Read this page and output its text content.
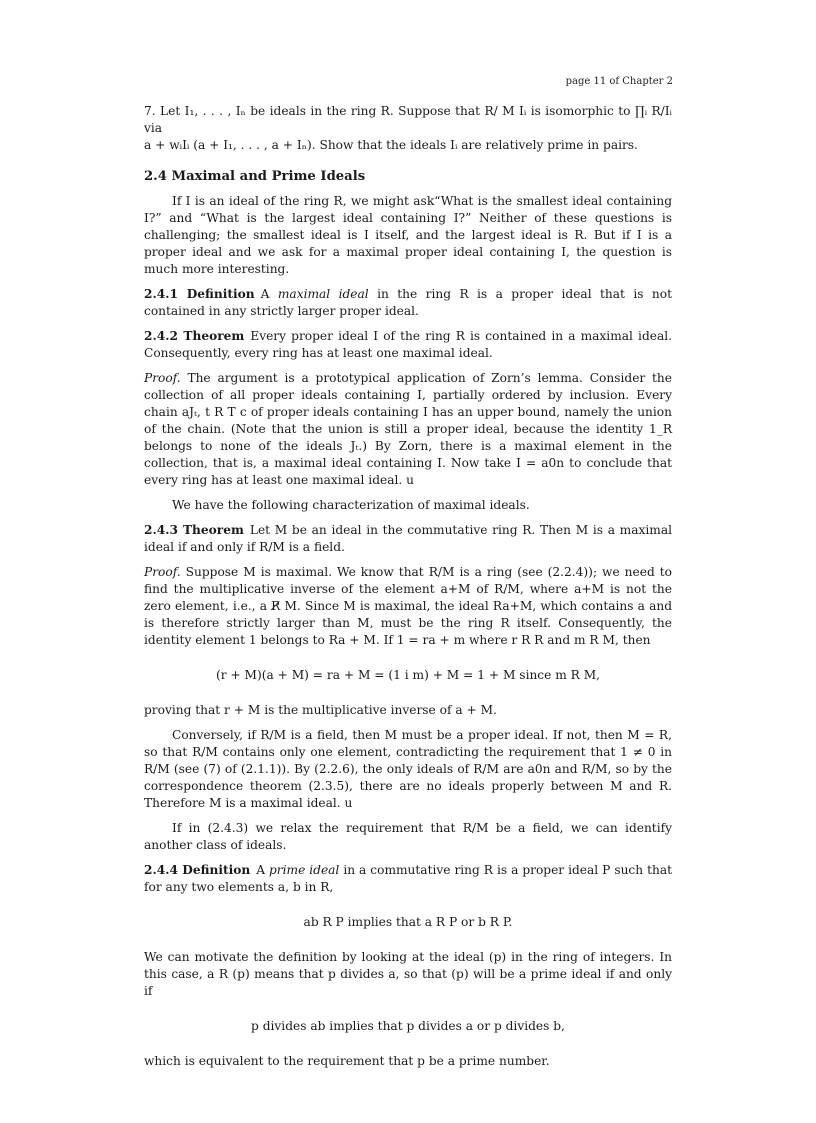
page 11 of Chapter 2

7. Let I₁, . . . , Iₙ be ideals in the ring R. Suppose that R/ M Iᵢ is isomorphic to ∏ᵢ R/Iᵢ via

a + wᵢIᵢ (a + I₁, . . . , a + Iₙ). Show that the ideals Iᵢ are relatively prime in pairs.

2.4 Maximal and Prime Ideals

If I is an ideal of the ring R, we might ask“What is the smallest ideal containing I?” and “What is the largest ideal containing I?” Neither of these questions is challenging; the smallest ideal is I itself, and the largest ideal is R. But if I is a proper ideal and we ask for a maximal proper ideal containing I, the question is much more interesting.

2.4.1 Definition A maximal ideal in the ring R is a proper ideal that is not contained in any strictly larger proper ideal.

2.4.2 Theorem Every proper ideal I of the ring R is contained in a maximal ideal. Consequently, every ring has at least one maximal ideal.

Proof. The argument is a prototypical application of Zorn’s lemma. Consider the collection of all proper ideals containing I, partially ordered by inclusion. Every chain aJₜ, t R T c of proper ideals containing I has an upper bound, namely the union of the chain. (Note that the union is still a proper ideal, because the identity 1_R belongs to none of the ideals Jₜ.) By Zorn, there is a maximal element in the collection, that is, a maximal ideal containing I. Now take I = a0n to conclude that every ring has at least one maximal ideal. u

We have the following characterization of maximal ideals.

2.4.3 Theorem Let M be an ideal in the commutative ring R. Then M is a maximal ideal if and only if R/M is a field.

Proof. Suppose M is maximal. We know that R/M is a ring (see (2.2.4)); we need to find the multiplicative inverse of the element a+M of R/M, where a+M is not the zero element, i.e., a R̸ M. Since M is maximal, the ideal Ra+M, which contains a and is therefore strictly larger than M, must be the ring R itself. Consequently, the identity element 1 belongs to Ra + M. If 1 = ra + m where r R R and m R M, then

(r + M)(a + M) = ra + M = (1 i m) + M = 1 + M since m R M,

proving that r + M is the multiplicative inverse of a + M.

Conversely, if R/M is a field, then M must be a proper ideal. If not, then M = R, so that R/M contains only one element, contradicting the requirement that 1 ≠ 0 in R/M (see (7) of (2.1.1)). By (2.2.6), the only ideals of R/M are a0n and R/M, so by the correspondence theorem (2.3.5), there are no ideals properly between M and R. Therefore M is a maximal ideal. u

If in (2.4.3) we relax the requirement that R/M be a field, we can identify another class of ideals.

2.4.4 Definition A prime ideal in a commutative ring R is a proper ideal P such that for any two elements a, b in R,

ab R P implies that a R P or b R P.

We can motivate the definition by looking at the ideal (p) in the ring of integers. In this case, a R (p) means that p divides a, so that (p) will be a prime ideal if and only if

p divides ab implies that p divides a or p divides b,

which is equivalent to the requirement that p be a prime number.
